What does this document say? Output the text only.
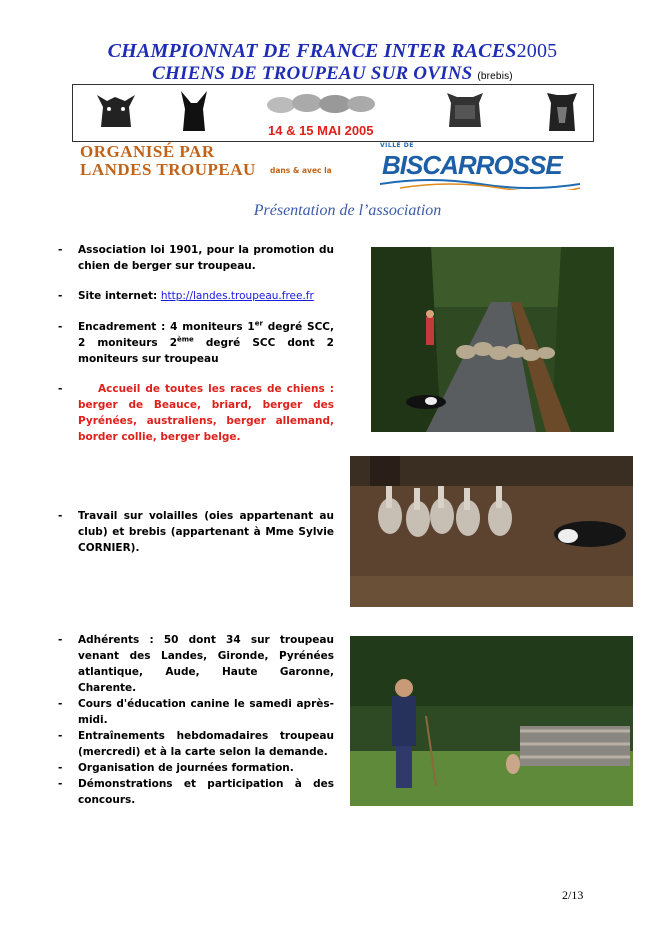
CHAMPIONNAT DE FRANCE INTER RACES2005
CHIENS DE TROUPEAU SUR OVINS (brebis)
14 & 15 MAI 2005
ORGANISÉ PAR
LANDES TROUPEAU dans & avec la
VILLE DE
BISCARROSSE
Présentation de l’association
- Association loi 1901, pour la promotion du chien de berger sur troupeau.
- Site internet: http://landes.troupeau.free.fr
- Encadrement : 4 moniteurs 1er degré SCC, 2 moniteurs 2ème degré SCC dont 2 moniteurs sur troupeau
-	Accueil de toutes les races de chiens : berger de Beauce, briard, berger des Pyrénées, australiens, berger allemand, border collie, berger belge.
- Travail sur volailles (oies appartenant au club) et brebis (appartenant à Mme Sylvie CORNIER).
- Adhérents : 50 dont 34 sur troupeau venant des Landes, Gironde, Pyrénées atlantique, Aude, Haute Garonne, Charente.
- Cours d'éducation canine le samedi après-midi.
- Entraînements hebdomadaires troupeau (mercredi) et à la carte selon la demande.
- Organisation de journées formation.
- Démonstrations et participation à des concours.
2/13
